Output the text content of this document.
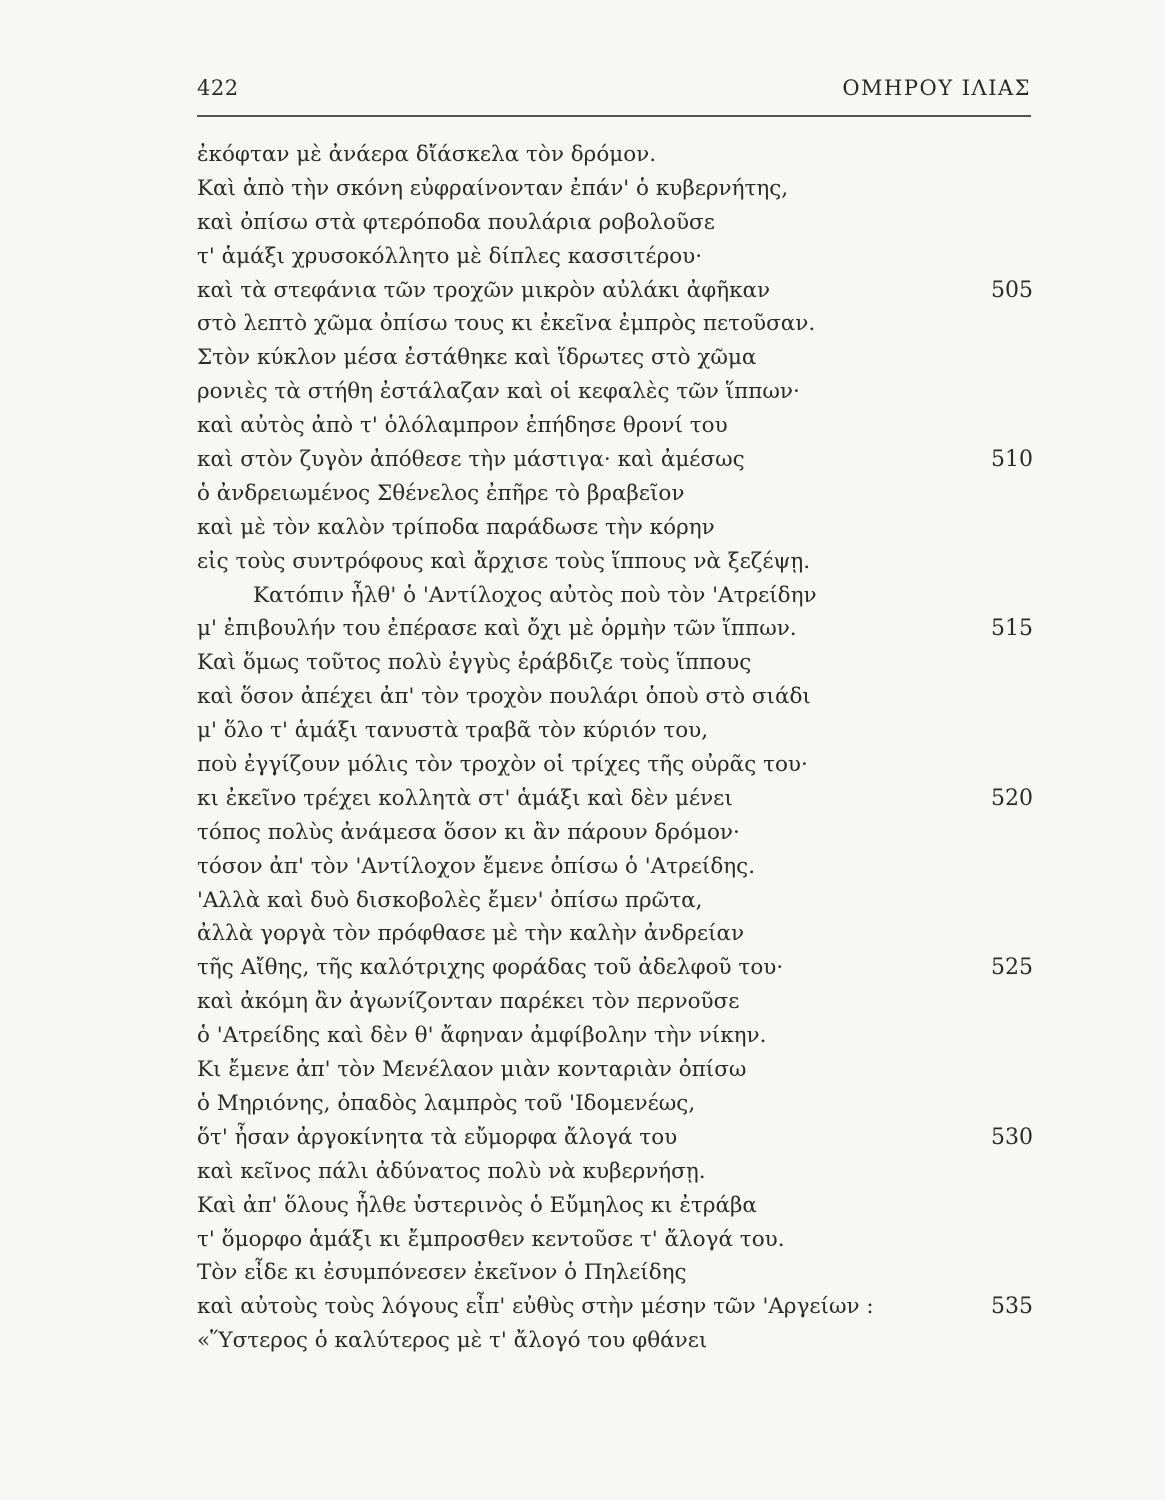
422	ΟΜΗΡΟΥ ΙΛΙΑΣ
ἐκόφταν μὲ ἀνάερα δἴάσκελα τὸν δρόμον.
Καὶ ἀπὸ τὴν σκόνη εὐφραίνονταν ἐπάν' ὁ κυβερνήτης,
καὶ ὀπίσω στὰ φτερόποδα πουλάρια ροβολοῦσε
τ' ἁμάξι χρυσοκόλλητο μὲ δίπλες κασσιτέρου·
καὶ τὰ στεφάνια τῶν τροχῶν μικρὸν αὐλάκι ἀφῆκαν	505
στὸ λεπτὸ χῶμα ὀπίσω τους κι ἐκεῖνα ἐμπρὸς πετοῦσαν.
Στὸν κύκλον μέσα ἐστάθηκε καὶ ἵδρωτες στὸ χῶμα
ρονιὲς τὰ στήθη ἐστάλαζαν καὶ οἱ κεφαλὲς τῶν ἵππων·
καὶ αὐτὸς ἀπὸ τ' ὁλόλαμπρον ἐπήδησε θρονί του
καὶ στὸν ζυγὸν ἀπόθεσε τὴν μάστιγα· καὶ ἀμέσως	510
ὁ ἀνδρειωμένος Σθένελος ἐπῆρε τὸ βραβεῖον
καὶ μὲ τὸν καλὸν τρίποδα παράδωσε τὴν κόρην
εἰς τοὺς συντρόφους καὶ ἄρχισε τοὺς ἵππους νὰ ξεζέψῃ.
Κατόπιν ἦλθ' ὁ 'Αντίλοχος αὐτὸς ποὺ τὸν 'Ατρείδην
μ' ἐπιβουλήν του ἐπέρασε καὶ ὄχι μὲ ὁρμὴν τῶν ἵππων.	515
Καὶ ὅμως τοῦτος πολὺ ἐγγὺς ἐράβδιζε τοὺς ἵππους
καὶ ὅσον ἀπέχει ἀπ' τὸν τροχὸν πουλάρι ὁποὺ στὸ σιάδι
μ' ὅλο τ' ἁμάξι τανυστὰ τραβᾶ τὸν κύριόν του,
ποὺ ἐγγίζουν μόλις τὸν τροχὸν οἱ τρίχες τῆς οὐρᾶς του·
κι ἐκεῖνο τρέχει κολλητὰ στ' ἁμάξι καὶ δὲν μένει	520
τόπος πολὺς ἀνάμεσα ὅσον κι ἂν πάρουν δρόμον·
τόσον ἀπ' τὸν 'Αντίλοχον ἔμενε ὀπίσω ὁ 'Ατρείδης.
'Αλλὰ καὶ δυὸ δισκοβολὲς ἔμεν' ὀπίσω πρῶτα,
ἀλλὰ γοργὰ τὸν πρόφθασε μὲ τὴν καλὴν ἀνδρείαν
τῆς Αἴθης, τῆς καλότριχης φοράδας τοῦ ἀδελφοῦ του·	525
καὶ ἀκόμη ἂν ἀγωνίζονταν παρέκει τὸν περνοῦσε
ὁ 'Ατρείδης καὶ δὲν θ' ἄφηναν ἀμφίβολην τὴν νίκην.
Κι ἔμενε ἀπ' τὸν Μενέλαον μιὰν κονταριὰν ὀπίσω
ὁ Μηριόνης, ὀπαδὸς λαμπρὸς τοῦ 'Ιδομενέως,
ὅτ' ἦσαν ἀργοκίνητα τὰ εὔμορφα ἄλογά του	530
καὶ κεῖνος πάλι ἀδύνατος πολὺ νὰ κυβερνήσῃ.
Καὶ ἀπ' ὅλους ἦλθε ὑστερινὸς ὁ Εὔμηλος κι ἐτράβα
τ' ὅμορφο ἁμάξι κι ἔμπροσθεν κεντοῦσε τ' ἄλογά του.
Τὸν εἶδε κι ἐσυμπόνεσεν ἐκεῖνον ὁ Πηλείδης
καὶ αὐτοὺς τοὺς λόγους εἶπ' εὐθὺς στὴν μέσην τῶν 'Αργείων :	535
«Ὕστερος ὁ καλύτερος μὲ τ' ἄλογό του φθάνει
